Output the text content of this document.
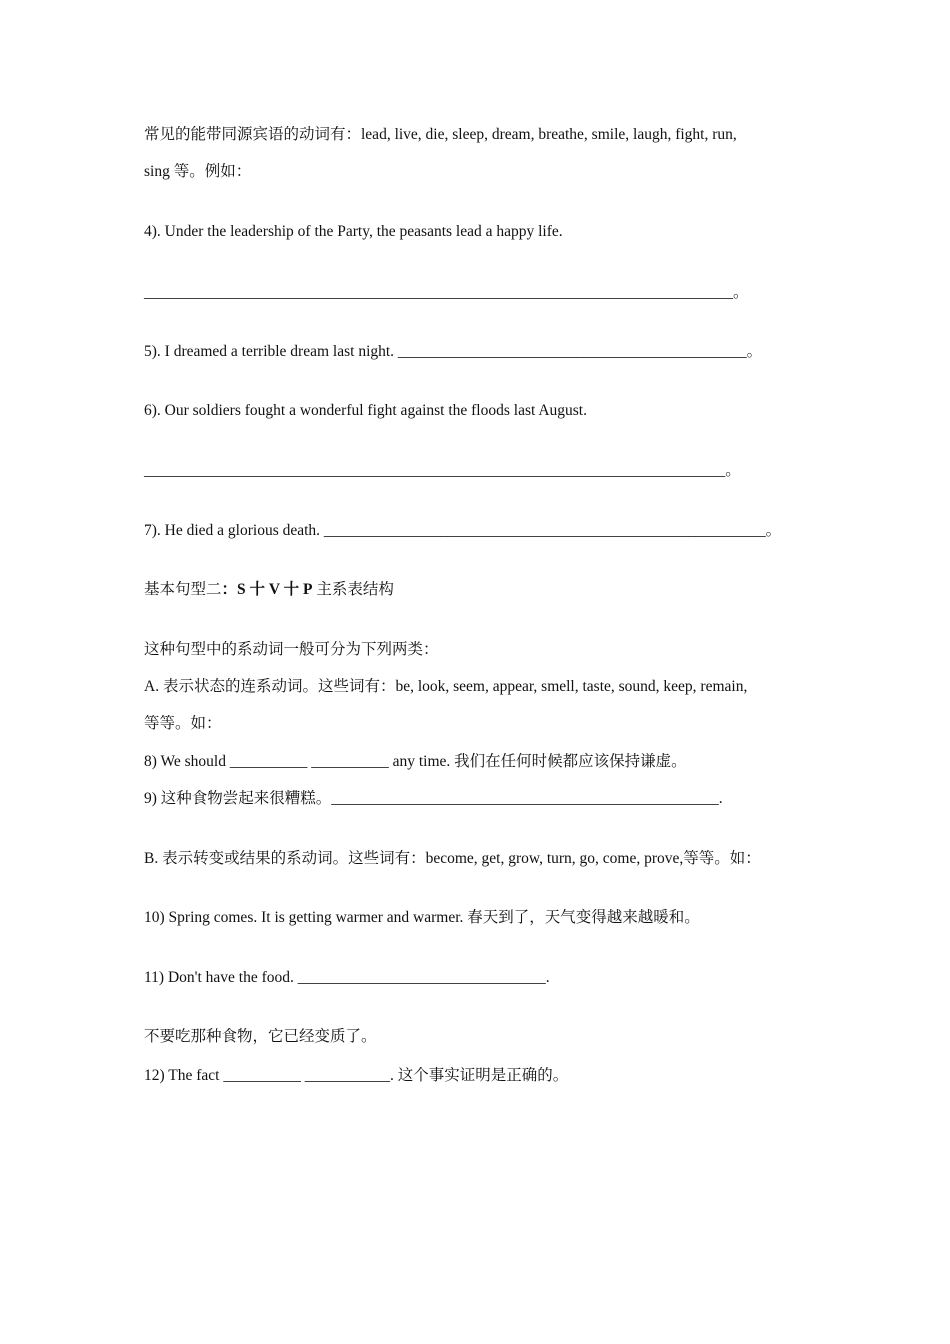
常见的能带同源宾语的动词有：lead, live, die, sleep, dream, breathe, smile, laugh, fight, run,
sing 等。例如：
4). Under the leadership of the Party, the peasants lead a happy life.
____________________________________________________________________________。
5). I dreamed a terrible dream last night. _____________________________________________。
6). Our soldiers fought a wonderful fight against the floods last August.
___________________________________________________________________________。
7). He died a glorious death. _________________________________________________________。
基本句型二：S 十 V 十 P 主系表结构
这种句型中的系动词一般可分为下列两类：
A. 表示状态的连系动词。这些词有：be, look, seem, appear, smell, taste, sound, keep, remain,
等等。如：
8) We should __________ __________ any time. 我们在任何时候都应该保持谦虚。
9) 这种食物尝起来很糟糕。__________________________________________________.
B. 表示转变或结果的系动词。这些词有：become, get, grow, turn, go, come, prove,等等。如：
10) Spring comes. It is getting warmer and warmer. 春天到了，天气变得越来越暖和。
11) Don't have the food. ________________________________.
不要吃那种食物，它已经变质了。
12) The fact __________ ___________. 这个事实证明是正确的。
